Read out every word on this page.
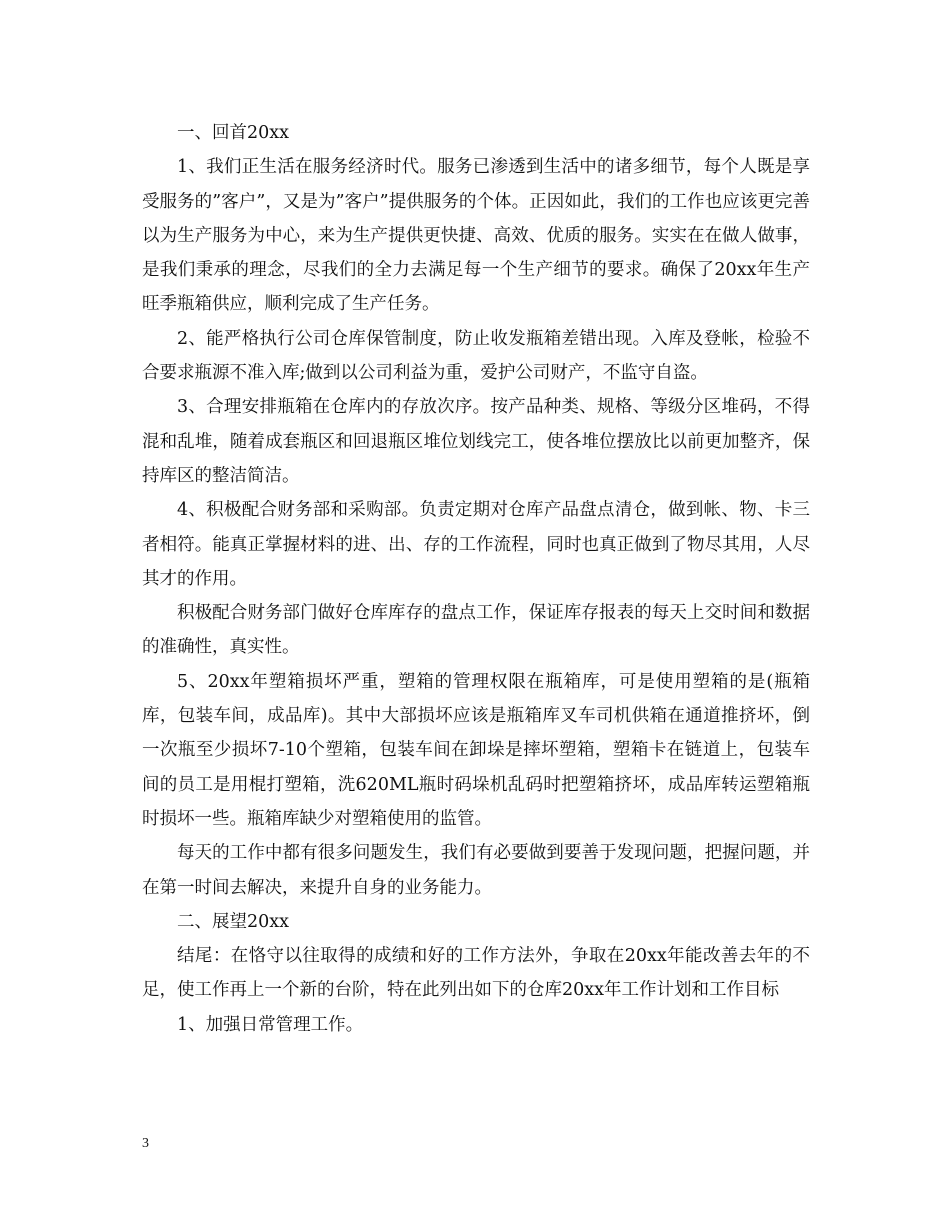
一、回首20xx

1、我们正生活在服务经济时代。服务已渗透到生活中的诸多细节，每个人既是享受服务的”客户”，又是为”客户”提供服务的个体。正因如此，我们的工作也应该更完善以为生产服务为中心，来为生产提供更快捷、高效、优质的服务。实实在在做人做事，是我们秉承的理念，尽我们的全力去满足每一个生产细节的要求。确保了20xx年生产旺季瓶箱供应，顺利完成了生产任务。

2、能严格执行公司仓库保管制度，防止收发瓶箱差错出现。入库及登帐，检验不合要求瓶源不准入库;做到以公司利益为重，爱护公司财产，不监守自盗。

3、合理安排瓶箱在仓库内的存放次序。按产品种类、规格、等级分区堆码，不得混和乱堆，随着成套瓶区和回退瓶区堆位划线完工，使各堆位摆放比以前更加整齐，保持库区的整洁简洁。

4、积极配合财务部和采购部。负责定期对仓库产品盘点清仓，做到帐、物、卡三者相符。能真正掌握材料的进、出、存的工作流程，同时也真正做到了物尽其用，人尽其才的作用。

积极配合财务部门做好仓库库存的盘点工作，保证库存报表的每天上交时间和数据的准确性，真实性。

5、20xx年塑箱损坏严重，塑箱的管理权限在瓶箱库，可是使用塑箱的是(瓶箱库，包装车间，成品库)。其中大部损坏应该是瓶箱库叉车司机供箱在通道推挤坏，倒一次瓶至少损坏7-10个塑箱，包装车间在卸垛是摔坏塑箱，塑箱卡在链道上，包装车间的员工是用棍打塑箱，洗620ML瓶时码垛机乱码时把塑箱挤坏，成品库转运塑箱瓶时损坏一些。瓶箱库缺少对塑箱使用的监管。

每天的工作中都有很多问题发生，我们有必要做到要善于发现问题，把握问题，并在第一时间去解决，来提升自身的业务能力。

二、展望20xx

结尾：在恪守以往取得的成绩和好的工作方法外，争取在20xx年能改善去年的不足，使工作再上一个新的台阶，特在此列出如下的仓库20xx年工作计划和工作目标

1、加强日常管理工作。

3
